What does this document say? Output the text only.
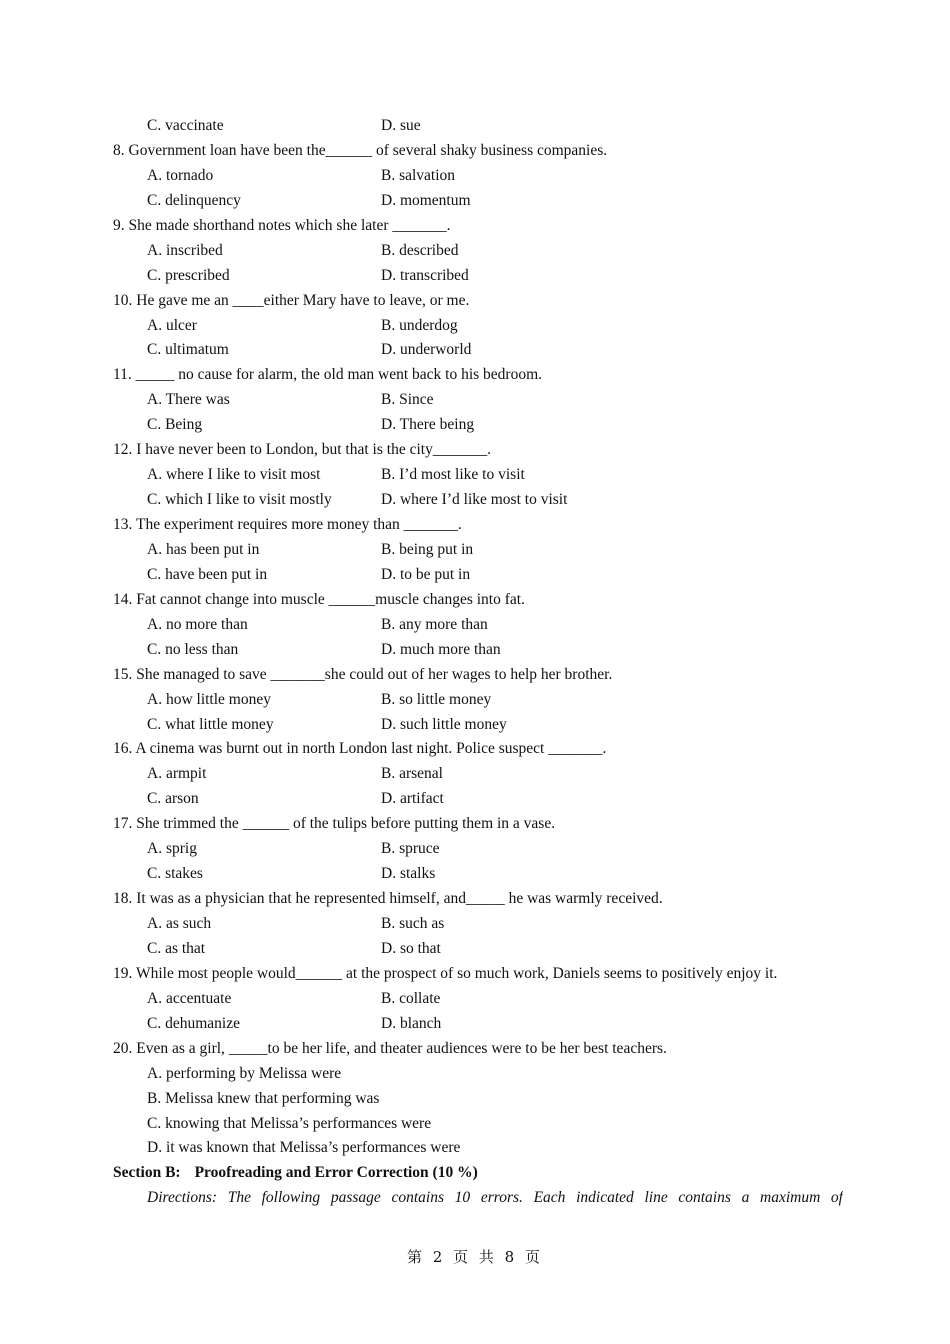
C. vaccinate	D. sue
8. Government loan have been the______ of several shaky business companies.
A. tornado	B. salvation
C. delinquency	D. momentum
9. She made shorthand notes which she later _______.
A. inscribed	B. described
C. prescribed	D. transcribed
10. He gave me an ____either Mary have to leave, or me.
A. ulcer	B. underdog
C. ultimatum	D. underworld
11. _____ no cause for alarm, the old man went back to his bedroom.
A. There was	B. Since
C. Being	D. There being
12. I have never been to London, but that is the city_______.
A. where I like to visit most	B. I’d most like to visit
C. which I like to visit mostly	D. where I’d like most to visit
13. The experiment requires more money than _______.
A. has been put in	B. being put in
C. have been put in	D. to be put in
14. Fat cannot change into muscle ______muscle changes into fat.
A. no more than	B. any more than
C. no less than	D. much more than
15. She managed to save _______she could out of her wages to help her brother.
A. how little money	B. so little money
C. what little money	D. such little money
16. A cinema was burnt out in north London last night. Police suspect _______.
A. armpit	B. arsenal
C. arson	D. artifact
17. She trimmed the ______ of the tulips before putting them in a vase.
A. sprig	B. spruce
C. stakes	D. stalks
18. It was as a physician that he represented himself, and_____ he was warmly received.
A. as such	B. such as
C. as that	D. so that
19. While most people would______ at the prospect of so much work, Daniels seems to positively enjoy it.
A. accentuate	B. collate
C. dehumanize	D. blanch
20. Even as a girl, _____to be her life, and theater audiences were to be her best teachers.
A. performing by Melissa were
B. Melissa knew that performing was
C. knowing that Melissa’s performances were
D. it was known that Melissa’s performances were
Section B: Proofreading and Error Correction (10 %)
Directions: The following passage contains 10 errors. Each indicated line contains a maximum of
第 2 页 共 8 页
